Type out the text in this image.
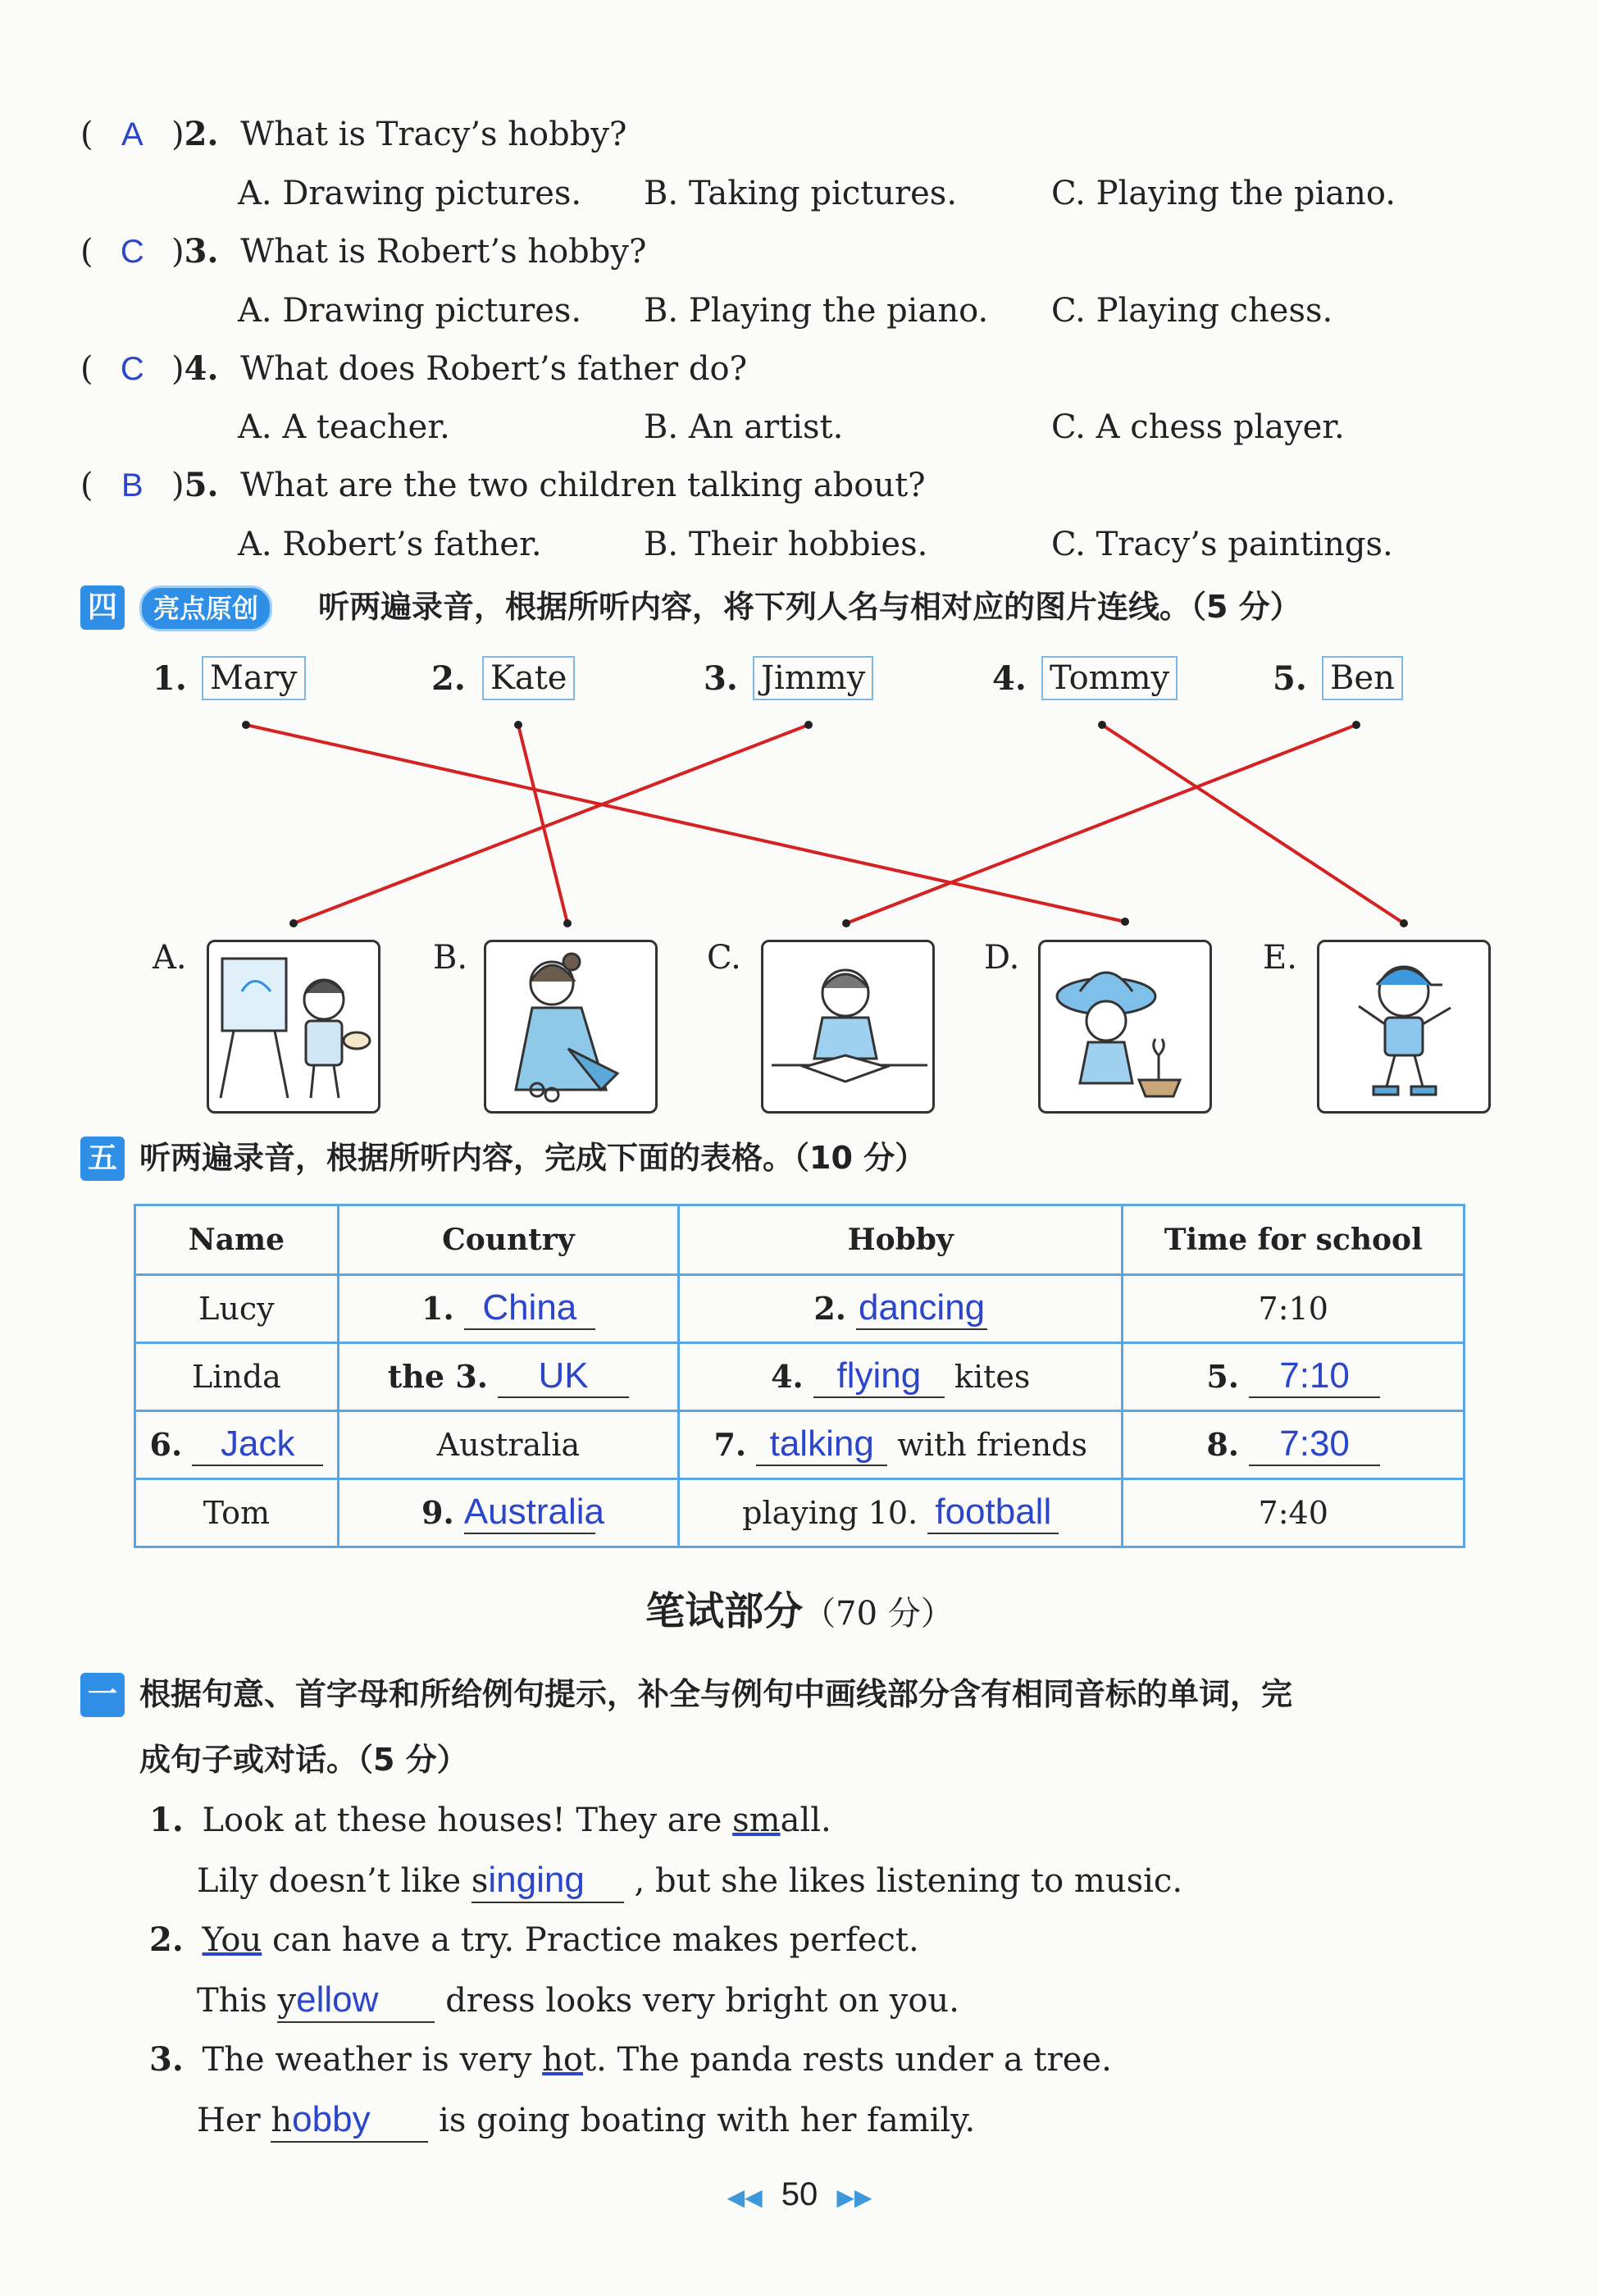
( A )2. What is Tracy’s hobby?
A. Drawing pictures. B. Taking pictures.	C. Playing the piano.
( C )3. What is Robert’s hobby?
A. Drawing pictures. B. Playing the piano. C. Playing chess.
( C )4. What does Robert’s father do?
A. A teacher.	B. An artist.	C. A chess player.
( B )5. What are the two children talking about?
A. Robert’s father.	B. Their hobbies.	C. Tracy’s paintings.
四	亮点原创	听两遍录音，根据所听内容，将下列人名与相对应的图片连线。（5 分）
1. Mary	2. Kate	3. Jimmy	4. Tommy	5. Ben
A.	B.	C.	D.	E.
五 听两遍录音，根据所听内容，完成下面的表格。（10 分）
Name	Country	Hobby	Time for school
Lucy	1. China	2. dancing	7:10
Linda	the 3. UK	4. flying kites	5. 7:10
6. Jack	Australia	7. talking with friends	8. 7:30
Tom	9. Australia	playing 10. football	7:40
笔试部分（70 分）
一 根据句意、首字母和所给例句提示，补全与例句中画线部分含有相同音标的单词，完
成句子或对话。（5 分）
1. Look at these houses! They are small.
Lily doesn’t like singing , but she likes listening to music.
2. You can have a try. Practice makes perfect.
This yellow dress looks very bright on you.
3. The weather is very hot. The panda rests under a tree.
Her hobby is going boating with her family.
◀◀ 50 ▶▶
